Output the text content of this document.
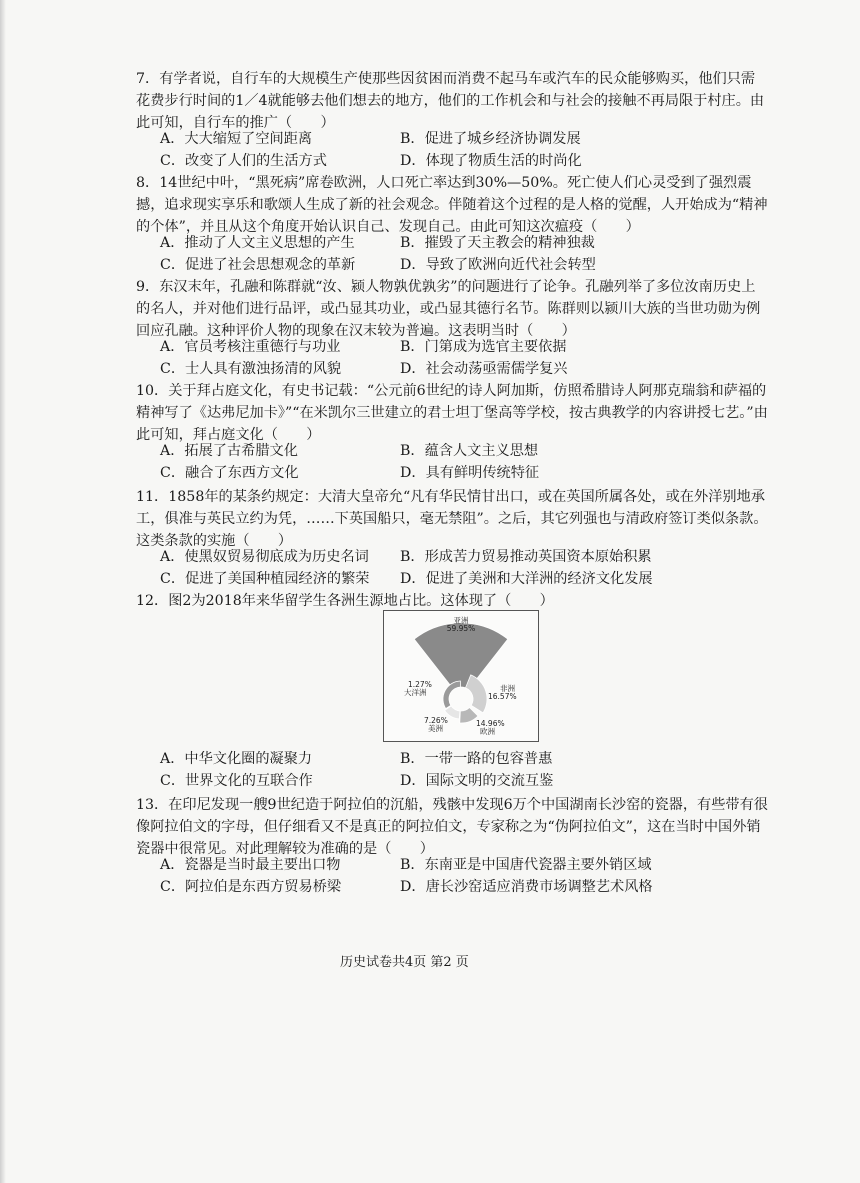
7．有学者说，自行车的大规模生产使那些因贫困而消费不起马车或汽车的民众能够购买，他们只需花费步行时间的1／4就能够去他们想去的地方，他们的工作机会和与社会的接触不再局限于村庄。由此可知，自行车的推广（　　）
A．大大缩短了空间距离	B．促进了城乡经济协调发展
C．改变了人们的生活方式	D．体现了物质生活的时尚化
8．14世纪中叶，“黑死病”席卷欧洲，人口死亡率达到30%—50%。死亡使人们心灵受到了强烈震撼，追求现实享乐和歌颂人生成了新的社会观念。伴随着这个过程的是人格的觉醒，人开始成为“精神的个体”，并且从这个角度开始认识自己、发现自己。由此可知这次瘟疫（　　）
A．推动了人文主义思想的产生	B．摧毁了天主教会的精神独裁
C．促进了社会思想观念的革新	D．导致了欧洲向近代社会转型
9．东汉末年，孔融和陈群就“汝、颍人物孰优孰劣”的问题进行了论争。孔融列举了多位汝南历史上的名人，并对他们进行品评，或凸显其功业，或凸显其德行名节。陈群则以颍川大族的当世功勋为例回应孔融。这种评价人物的现象在汉末较为普遍。这表明当时（　　）
A．官员考核注重德行与功业	B．门第成为选官主要依据
C．士人具有激浊扬清的风貌	D．社会动荡亟需儒学复兴
10．关于拜占庭文化，有史书记载：“公元前6世纪的诗人阿加斯，仿照希腊诗人阿那克瑞翁和萨福的精神写了《达弗尼加卡》”“在米凯尔三世建立的君士坦丁堡高等学校，按古典教学的内容讲授七艺。”由此可知，拜占庭文化（　　）
A．拓展了古希腊文化	B．蕴含人文主义思想
C．融合了东西方文化	D．具有鲜明传统特征
11．1858年的某条约规定：大清大皇帝允“凡有华民情甘出口，或在英国所属各处，或在外洋别地承工，俱准与英民立约为凭，……下英国船只，毫无禁阻”。之后，其它列强也与清政府签订类似条款。这类条款的实施（　　）
A．使黑奴贸易彻底成为历史名词	B．形成苦力贸易推动英国资本原始积累
C．促进了美国种植园经济的繁荣	D．促进了美洲和大洋洲的经济文化发展
12．图2为2018年来华留学生各洲生源地占比。这体现了（　　）
亚洲
59.95%
非洲
16.57%
14.96%
欧洲
7.26%
美洲
1.27%
大洋洲
A．中华文化圈的凝聚力	B．一带一路的包容普惠
C．世界文化的互联合作	D．国际文明的交流互鉴
13．在印尼发现一艘9世纪造于阿拉伯的沉船，残骸中发现6万个中国湖南长沙窑的瓷器，有些带有很像阿拉伯文的字母，但仔细看又不是真正的阿拉伯文，专家称之为“伪阿拉伯文”，这在当时中国外销瓷器中很常见。对此理解较为准确的是（　　）
A．瓷器是当时最主要出口物	B．东南亚是中国唐代瓷器主要外销区域
C．阿拉伯是东西方贸易桥梁	D．唐长沙窑适应消费市场调整艺术风格
历史试卷共4页 第2 页
